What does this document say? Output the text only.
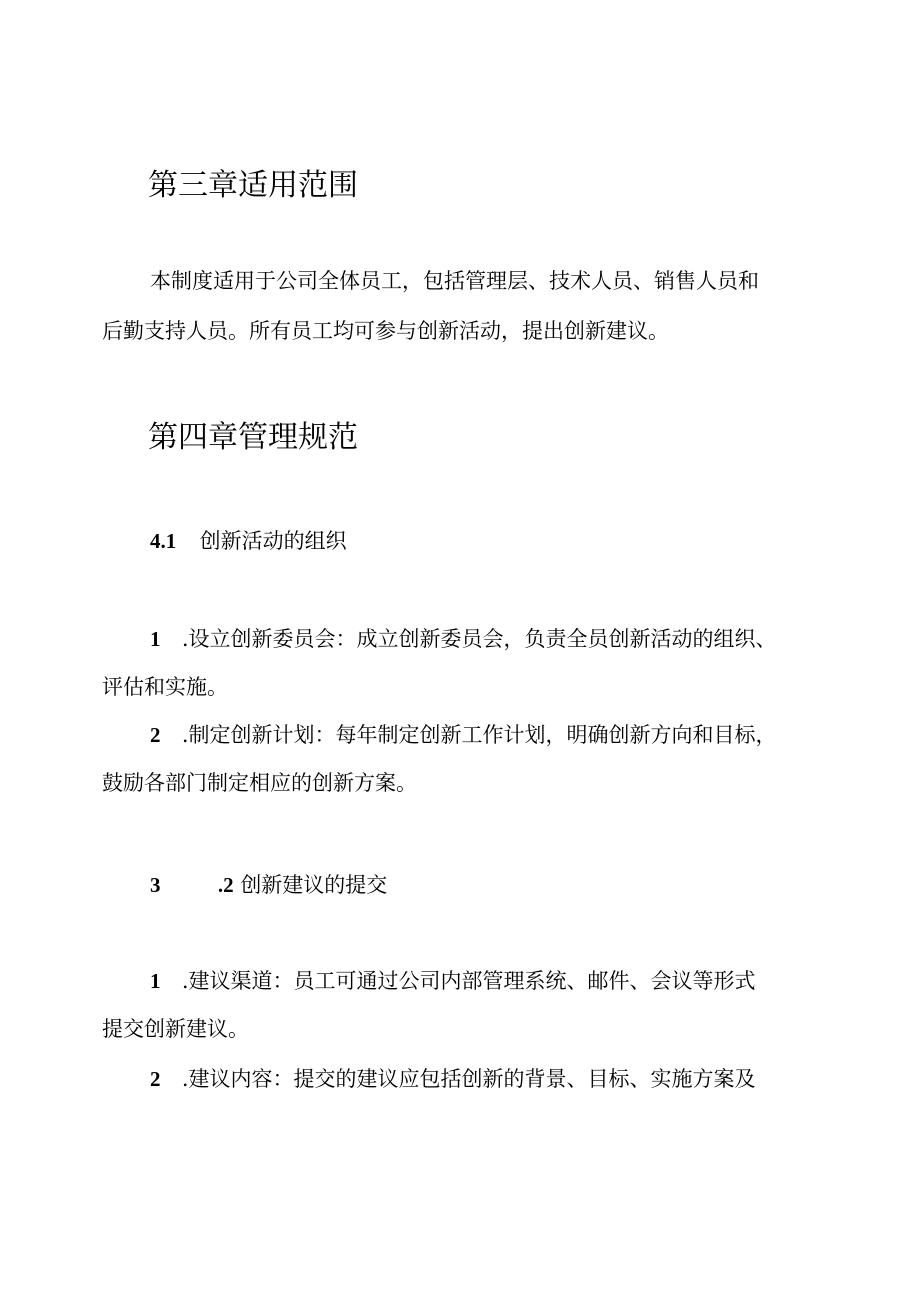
第三章适用范围
本制度适用于公司全体员工，包括管理层、技术人员、销售人员和
后勤支持人员。所有员工均可参与创新活动，提出创新建议。
第四章管理规范
4.1 创新活动的组织
1 .设立创新委员会：成立创新委员会，负责全员创新活动的组织、
评估和实施。
2 .制定创新计划：每年制定创新工作计划，明确创新方向和目标，
鼓励各部门制定相应的创新方案。
3	.2 创新建议的提交
1 .建议渠道：员工可通过公司内部管理系统、邮件、会议等形式
提交创新建议。
2 .建议内容：提交的建议应包括创新的背景、目标、实施方案及
